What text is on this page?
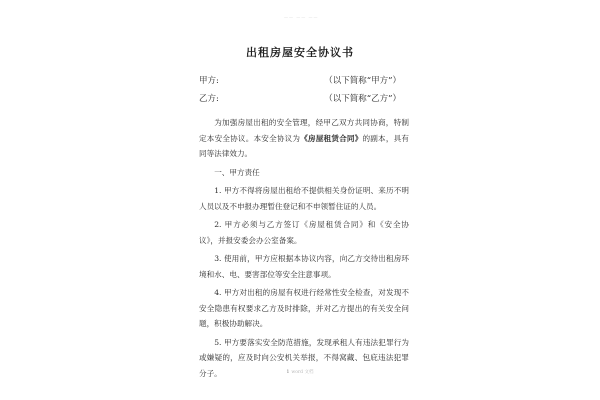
—— —— ——
出租房屋安全协议书
甲方:	（以下简称“甲方”）
乙方:	（以下简称“乙方”）

为加强房屋出租的安全管理，经甲乙双方共同协商，特制定本安全协议。本安全协议为《房屋租赁合同》的副本，具有同等法律效力。

一、甲方责任

1. 甲方不得将房屋出租给不提供相关身份证明、来历不明人员以及不申报办理暂住登记和不申领暂住证的人员。

2. 甲方必须与乙方签订《房屋租赁合同》和《安全协议》，并报安委会办公室备案。

3. 使用前，甲方应根据本协议内容，向乙方交待出租房环境和水、电、要害部位等安全注意事项。

4. 甲方对出租的房屋有权进行经常性安全检查，对发现不安全隐患有权要求乙方及时排除，并对乙方提出的有关安全问题，积极协助解决。

5. 甲方要落实安全防范措施，发现承租人有违法犯罪行为或嫌疑的，应及时向公安机关举报，不得窝藏、包庇违法犯罪分子。	1 word 文档
